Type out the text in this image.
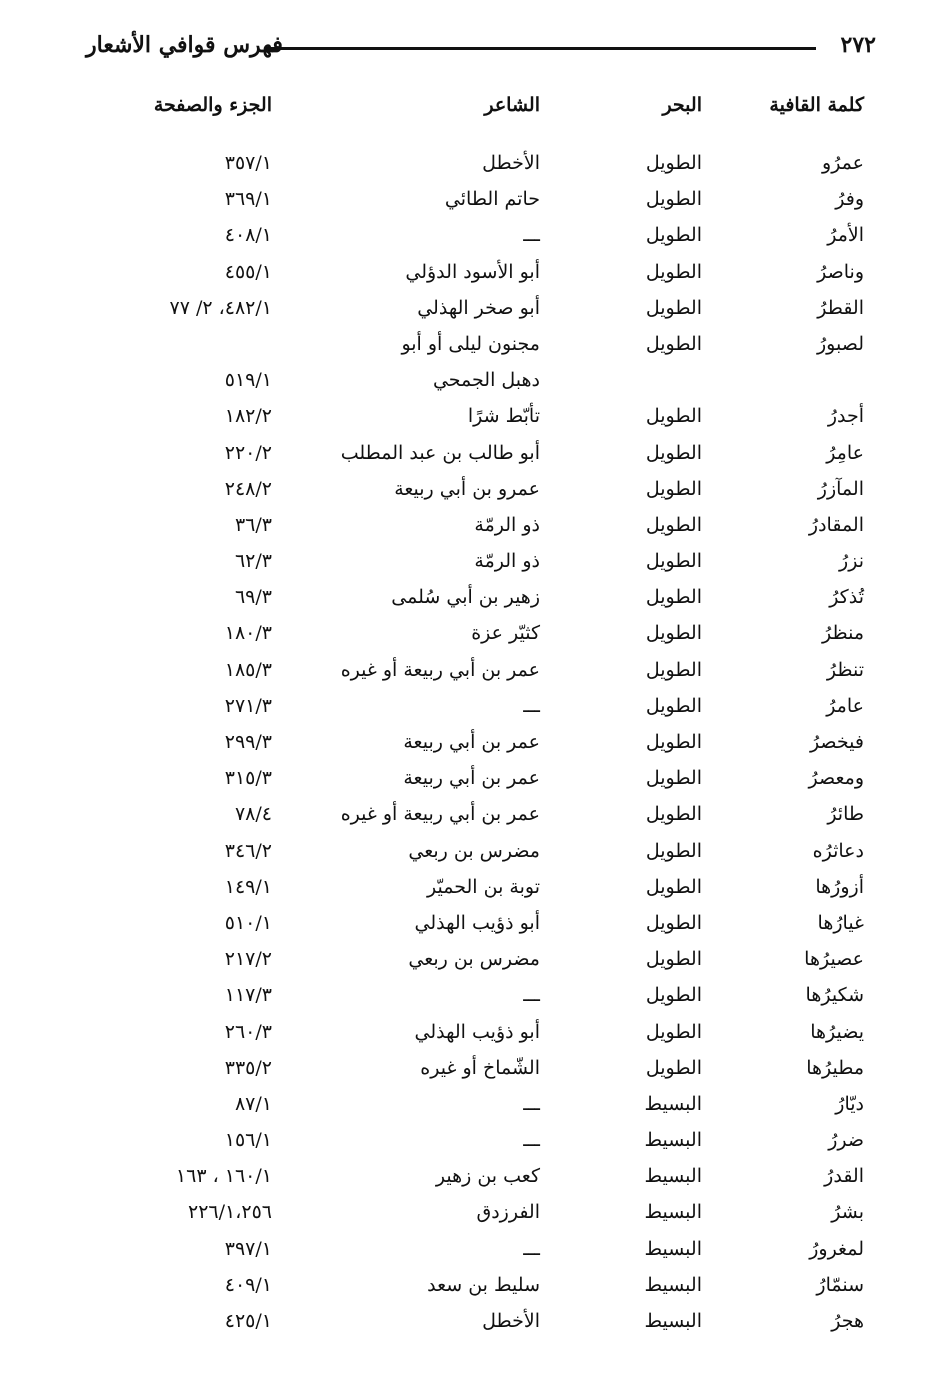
٢٧٢
فهرس قوافي الأشعار
كلمة القافية
البحر
الشاعر
الجزء والصفحة
عمرُو
الطويل
الأخطل
٣٥٧/١
وفرُ
الطويل
حاتم الطائي
٣٦٩/١
الأمرُ
الطويل
ـــ
٤٠٨/١
وناصرُ
الطويل
أبو الأسود الدؤلي
٤٥٥/١
القطرُ
الطويل
أبو صخر الهذلي
٤٨٢/١، ٢/ ٧٧
لصبورُ
الطويل
مجنون ليلى أو أبو
دهبل الجمحي
٥١٩/١
أجدرُ
الطويل
تأبّط شرًا
١٨٢/٢
عامِرُ
الطويل
أبو طالب بن عبد المطلب
٢٢٠/٢
المآزرُ
الطويل
عمرو بن أبي ربيعة
٢٤٨/٢
المقادرُ
الطويل
ذو الرمّة
٣٦/٣
نزرُ
الطويل
ذو الرمّة
٦٢/٣
تُذكرُ
الطويل
زهير بن أبي سُلمى
٦٩/٣
منظرُ
الطويل
كثيّر عزة
١٨٠/٣
تنظرُ
الطويل
عمر بن أبي ربيعة أو غيره
١٨٥/٣
عامرُ
الطويل
ـــ
٢٧١/٣
فيخصرُ
الطويل
عمر بن أبي ربيعة
٢٩٩/٣
ومعصرُ
الطويل
عمر بن أبي ربيعة
٣١٥/٣
طائرُ
الطويل
عمر بن أبي ربيعة أو غيره
٧٨/٤
دعاثرُه
الطويل
مضرس بن ربعي
٣٤٦/٢
أزورُها
الطويل
توبة بن الحميّر
١٤٩/١
غيارُها
الطويل
أبو ذؤيب الهذلي
٥١٠/١
عصيرُها
الطويل
مضرس بن ربعي
٢١٧/٢
شكيرُها
الطويل
ـــ
١١٧/٣
يضيرُها
الطويل
أبو ذؤيب الهذلي
٢٦٠/٣
مطيرُها
الطويل
الشّماخ أو غيره
٣٣٥/٢
ديّارُ
البسيط
ـــ
٨٧/١
ضررُ
البسيط
ـــ
١٥٦/١
القدرُ
البسيط
كعب بن زهير
١٦٠/١ ، ١٦٣
بشرُ
البسيط
الفرزدق
٢٢٦/١،٢٥٦
لمغرورُ
البسيط
ـــ
٣٩٧/١
سنمّارُ
البسيط
سليط بن سعد
٤٠٩/١
هجرُ
البسيط
الأخطل
٤٢٥/١
